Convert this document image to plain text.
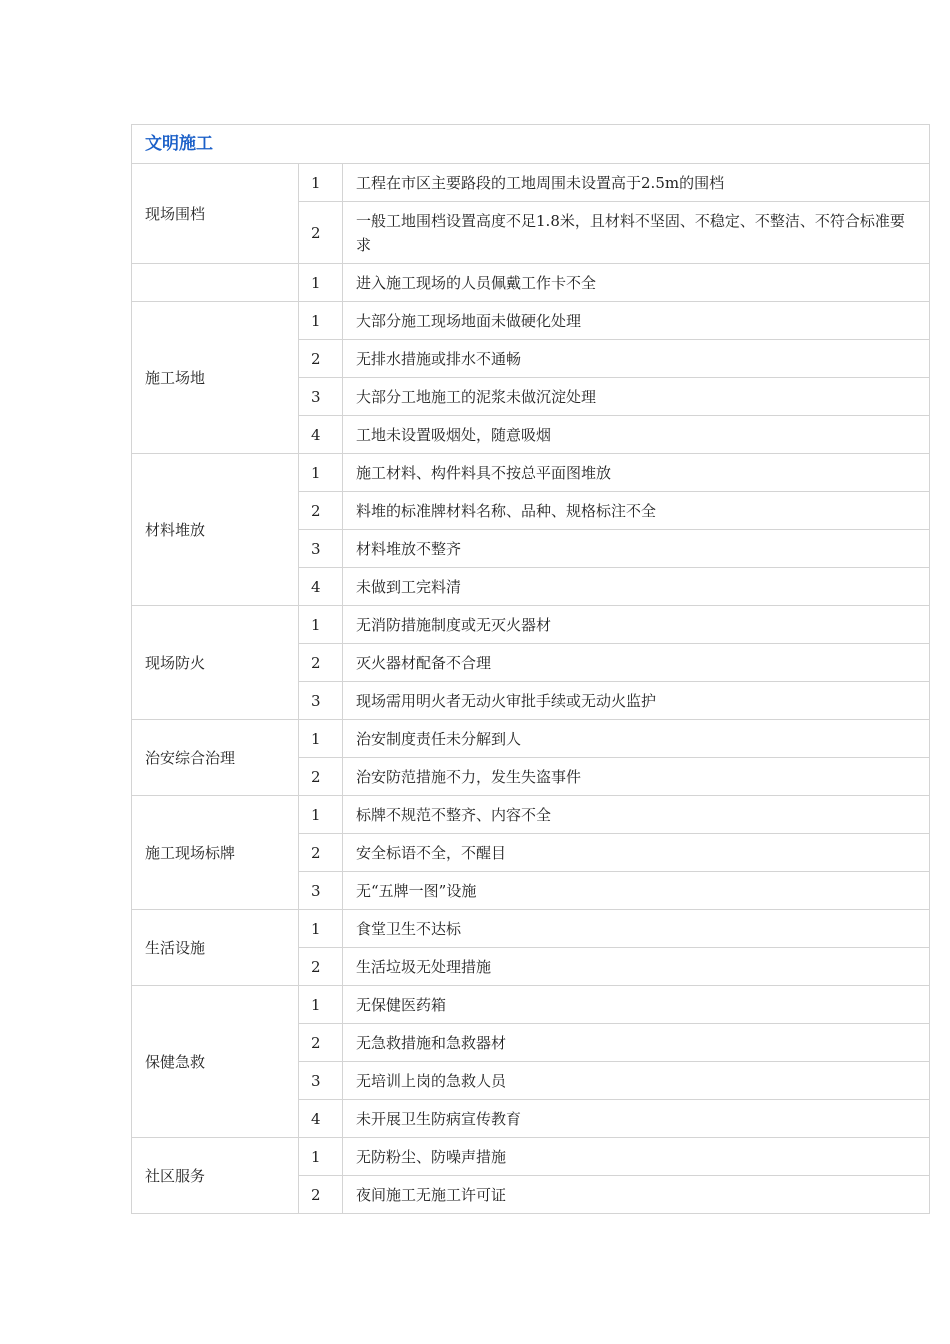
文明施工		
现场围档	1	工程在市区主要路段的工地周围未设置高于2.5m的围档
	2	一般工地围档设置高度不足1.8米，且材料不坚固、不稳定、不整洁、不符合标准要求
	1	进入施工现场的人员佩戴工作卡不全
施工场地	1	大部分施工现场地面未做硬化处理
	2	无排水措施或排水不通畅
	3	大部分工地施工的泥浆未做沉淀处理
	4	工地未设置吸烟处，随意吸烟
材料堆放	1	施工材料、构件料具不按总平面图堆放
	2	料堆的标准牌材料名称、品种、规格标注不全
	3	材料堆放不整齐
	4	未做到工完料清
现场防火	1	无消防措施制度或无灭火器材
	2	灭火器材配备不合理
	3	现场需用明火者无动火审批手续或无动火监护
治安综合治理	1	治安制度责任未分解到人
	2	治安防范措施不力，发生失盗事件
施工现场标牌	1	标牌不规范不整齐、内容不全
	2	安全标语不全，不醒目
	3	无“五牌一图”设施
生活设施	1	食堂卫生不达标
	2	生活垃圾无处理措施
保健急救	1	无保健医药箱
	2	无急救措施和急救器材
	3	无培训上岗的急救人员
	4	未开展卫生防病宣传教育
社区服务	1	无防粉尘、防噪声措施
	2	夜间施工无施工许可证
